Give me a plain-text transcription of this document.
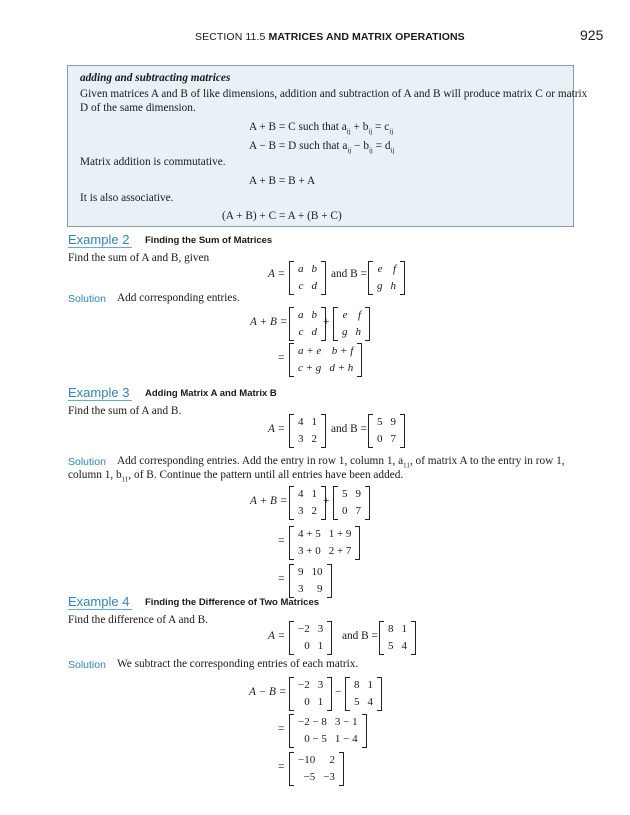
SECTION 11.5 MATRICES AND MATRIX OPERATIONS	925
adding and subtracting matrices
Given matrices A and B of like dimensions, addition and subtraction of A and B will produce matrix C or matrix
D of the same dimension.
A + B = C such that $a_{ij} + b_{ij} = c_{ij}$
A − B = D such that $a_{ij} - b_{ij} = d_{ij}$
Matrix addition is commutative.
A + B = B + A
It is also associative.
(A + B) + C = A + (B + C)
Example 2 Finding the Sum of Matrices
Find the sum of A and B, given
A = a	b
c	d
and B = e	f
g	h
Solution Add corresponding entries.
A + B =
a	b
c	d
+
e	f
g	h
=
a + e	b + f
c + g	d + h
Example 3 Adding Matrix A and Matrix B
Find the sum of A and B.
A =
4	1
3	2
and B =
5	9
0	7
Solution Add corresponding entries. Add the entry in row 1, column 1, $a_{11}$, of matrix A to the entry in row 1,
column 1, $b_{11}$, of B. Continue the pattern until all entries have been added.
A + B =
4	1
3	2
+
5	9
0	7
=
4 + 5	1 + 9
3 + 0	2 + 7
=
9	10
3	9
Example 4 Finding the Difference of Two Matrices
Find the difference of A and B.
A =
−2	3
0	1
and B =
8	1
5	4
Solution We subtract the corresponding entries of each matrix.
A − B =
−2	3
0	1
−
8	1
5	4
=
−2 − 8	3 − 1
0 − 5	1 − 4
=
−10	2
−5	−3
